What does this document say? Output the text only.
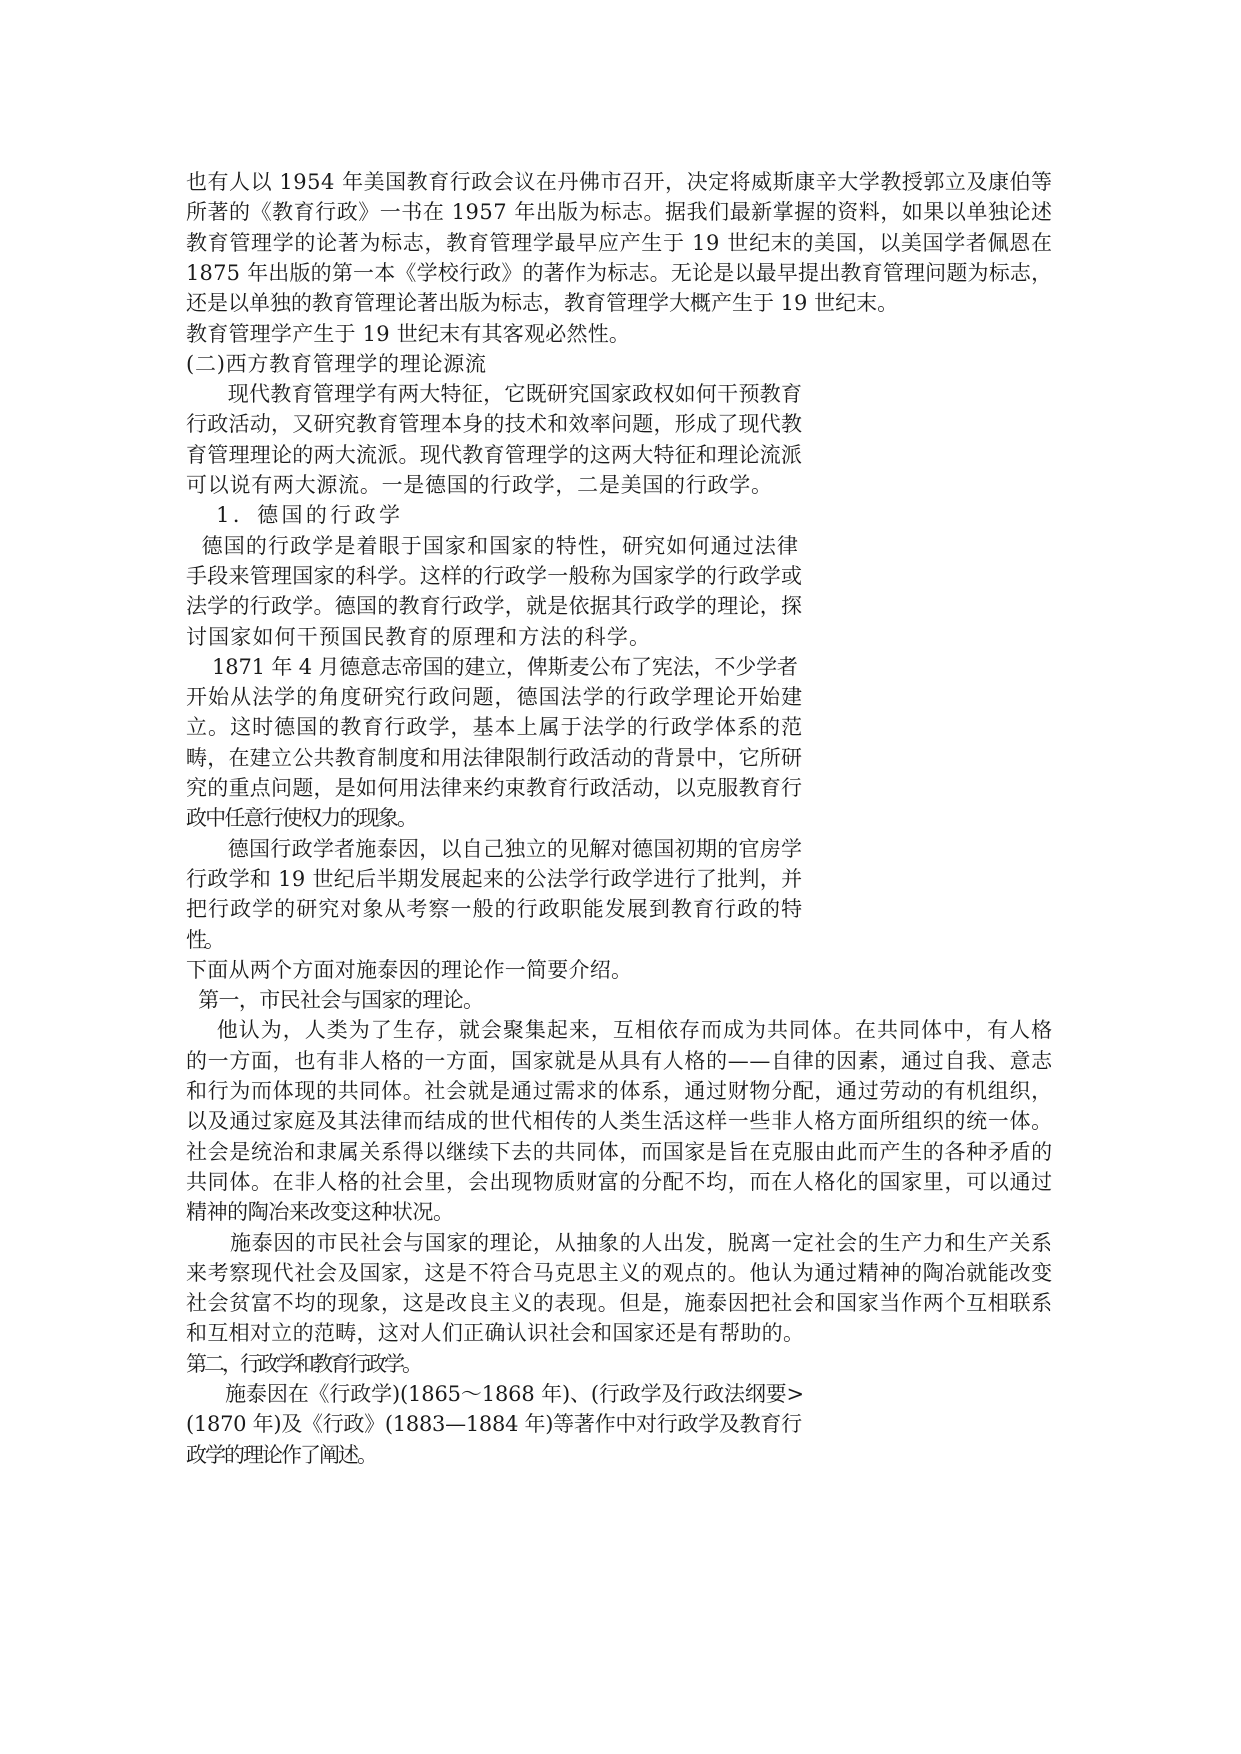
也有人以 1954 年美国教育行政会议在丹佛市召开，决定将威斯康辛大学教授郭立及康伯等

所著的《教育行政》一书在 1957 年出版为标志。据我们最新掌握的资料，如果以单独论述

教育管理学的论著为标志，教育管理学最早应产生于 19 世纪末的美国，以美国学者佩恩在

1875 年出版的第一本《学校行政》的著作为标志。无论是以最早提出教育管理问题为标志，

还是以单独的教育管理论著出版为标志，教育管理学大概产生于 19 世纪末。

教育管理学产生于 19 世纪末有其客观必然性。

(二)西方教育管理学的理论源流

现代教育管理学有两大特征，它既研究国家政权如何干预教育

行政活动，又研究教育管理本身的技术和效率问题，形成了现代教

育管理理论的两大流派。现代教育管理学的这两大特征和理论流派

可以说有两大源流。一是德国的行政学，二是美国的行政学。

1．德国的行政学

德国的行政学是着眼于国家和国家的特性，研究如何通过法律

手段来管理国家的科学。这样的行政学一般称为国家学的行政学或

法学的行政学。德国的教育行政学，就是依据其行政学的理论，探

讨国家如何干预国民教育的原理和方法的科学。

1871 年 4 月德意志帝国的建立，俾斯麦公布了宪法，不少学者

开始从法学的角度研究行政问题，德国法学的行政学理论开始建

立。这时德国的教育行政学，基本上属于法学的行政学体系的范

畴，在建立公共教育制度和用法律限制行政活动的背景中，它所研

究的重点问题，是如何用法律来约束教育行政活动，以克服教育行

政中任意行使权力的现象。

德国行政学者施泰因，以自己独立的见解对德国初期的官房学

行政学和 19 世纪后半期发展起来的公法学行政学进行了批判，并

把行政学的研究对象从考察一般的行政职能发展到教育行政的特

性。

下面从两个方面对施泰因的理论作一简要介绍。

第一，市民社会与国家的理论。

他认为，人类为了生存，就会聚集起来，互相依存而成为共同体。在共同体中，有人格

的一方面，也有非人格的一方面，国家就是从具有人格的——自律的因素，通过自我、意志

和行为而体现的共同体。社会就是通过需求的体系，通过财物分配，通过劳动的有机组织，

以及通过家庭及其法律而结成的世代相传的人类生活这样一些非人格方面所组织的统一体。

社会是统治和隶属关系得以继续下去的共同体，而国家是旨在克服由此而产生的各种矛盾的

共同体。在非人格的社会里，会出现物质财富的分配不均，而在人格化的国家里，可以通过

精神的陶冶来改变这种状况。

施泰因的市民社会与国家的理论，从抽象的人出发，脱离一定社会的生产力和生产关系

来考察现代社会及国家，这是不符合马克思主义的观点的。他认为通过精神的陶冶就能改变

社会贫富不均的现象，这是改良主义的表现。但是，施泰因把社会和国家当作两个互相联系

和互相对立的范畴，这对人们正确认识社会和国家还是有帮助的。

第二，行政学和教育行政学。

施泰因在《行政学)(1865～1868 年)、(行政学及行政法纲要>

(1870 年)及《行政》(1883—1884 年)等著作中对行政学及教育行

政学的理论作了阐述。
